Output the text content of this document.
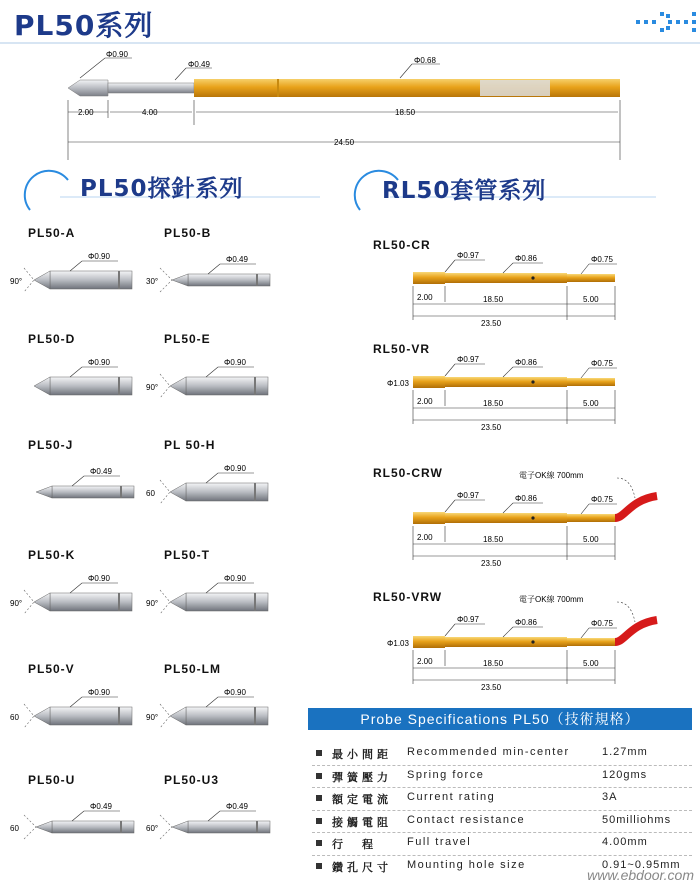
PL50系列
Φ0.90
Φ0.49	Φ0.68
2.00	4.00	18.50
24.50
PL50探針系列	RL50套管系列
PL50-A
Φ0.90
90°
PL50-B
Φ0.49
30°
PL50-D
Φ0.90
PL50-E
Φ0.90
90°
PL50-J
Φ0.49
PL 50-H
Φ0.90
60
PL50-K
Φ0.90
90°
PL50-T
Φ0.90
90°
PL50-V
Φ0.90
60
PL50-LM
Φ0.90
90°
PL50-U
Φ0.49
60
PL50-U3
Φ0.49
60°
RL50-CR
Φ0.97	Φ0.86	Φ0.75
2.00	18.50	5.00
23.50
RL50-VR
Φ0.97	Φ0.86	Φ0.75
2.00	18.50	5.00
23.50
Φ1.03
RL50-CRW
Φ0.97	Φ0.86	Φ0.75
2.00	18.50	5.00
23.50
電子OK線 700mm
RL50-VRW
Φ0.97	Φ0.86	Φ0.75
2.00	18.50	5.00
23.50
Φ1.03
電子OK線 700mm
Probe Specifications PL50（技術規格）
最小間距 Recommended min-center	1.27mm
彈簧壓力 Spring force	120gms
額定電流 Current rating	3A
接觸電阻 Contact resistance	50milliohms
行　程	Full travel	4.00mm
鑽孔尺寸 Mounting hole size	0.91~0.95mm
www.ebdoor.com
